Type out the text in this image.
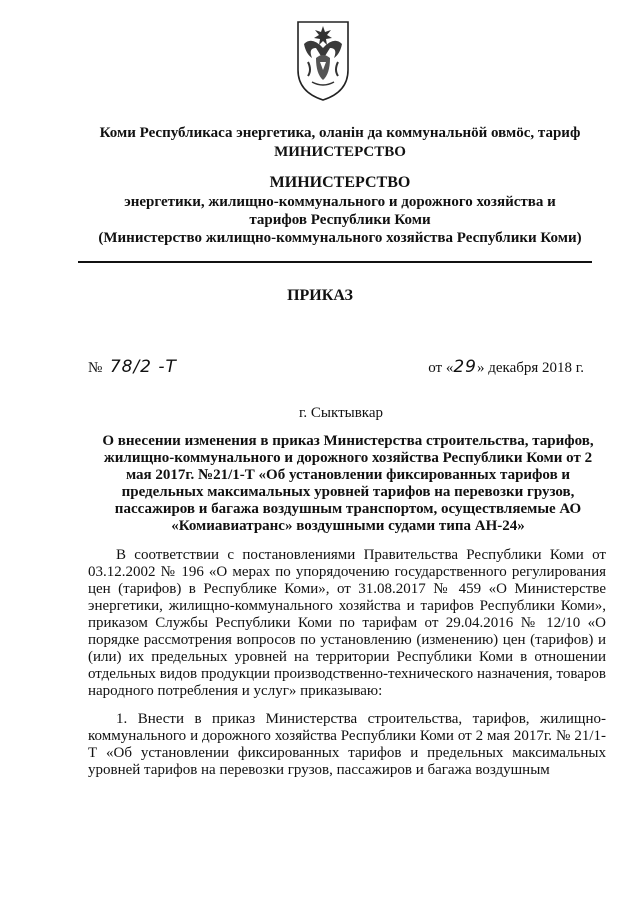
Коми Республикаса энергетика, оланін да коммунальнӧй овмӧс, тариф
МИНИСТЕРСТВО
МИНИСТЕРСТВО
энергетики, жилищно-коммунального и дорожного хозяйства и
тарифов Республики Коми
(Министерство жилищно-коммунального хозяйства Республики Коми)
ПРИКАЗ
№ 78/2 -Т	от «29» декабря 2018 г.
г. Сыктывкар
О внесении изменения в приказ Министерства строительства, тарифов, жилищно-коммунального и дорожного хозяйства Республики Коми от 2 мая 2017г. №21/1-Т «Об установлении фиксированных тарифов и предельных максимальных уровней тарифов на перевозки грузов, пассажиров и багажа воздушным транспортом, осуществляемые АО «Комиавиатранс» воздушными судами типа АН-24»
В соответствии с постановлениями Правительства Республики Коми от 03.12.2002 № 196 «О мерах по упорядочению государственного регулирования цен (тарифов) в Республике Коми», от 31.08.2017 № 459 «О Министерстве энергетики, жилищно-коммунального хозяйства и тарифов Республики Коми», приказом Службы Республики Коми по тарифам от 29.04.2016 № 12/10 «О порядке рассмотрения вопросов по установлению (изменению) цен (тарифов) и (или) их предельных уровней на территории Республики Коми в отношении отдельных видов продукции производственно-технического назначения, товаров народного потребления и услуг» приказываю:
1. Внести в приказ Министерства строительства, тарифов, жилищно-коммунального и дорожного хозяйства Республики Коми от 2 мая 2017г. № 21/1-Т «Об установлении фиксированных тарифов и предельных максимальных уровней тарифов на перевозки грузов, пассажиров и багажа воздушным
